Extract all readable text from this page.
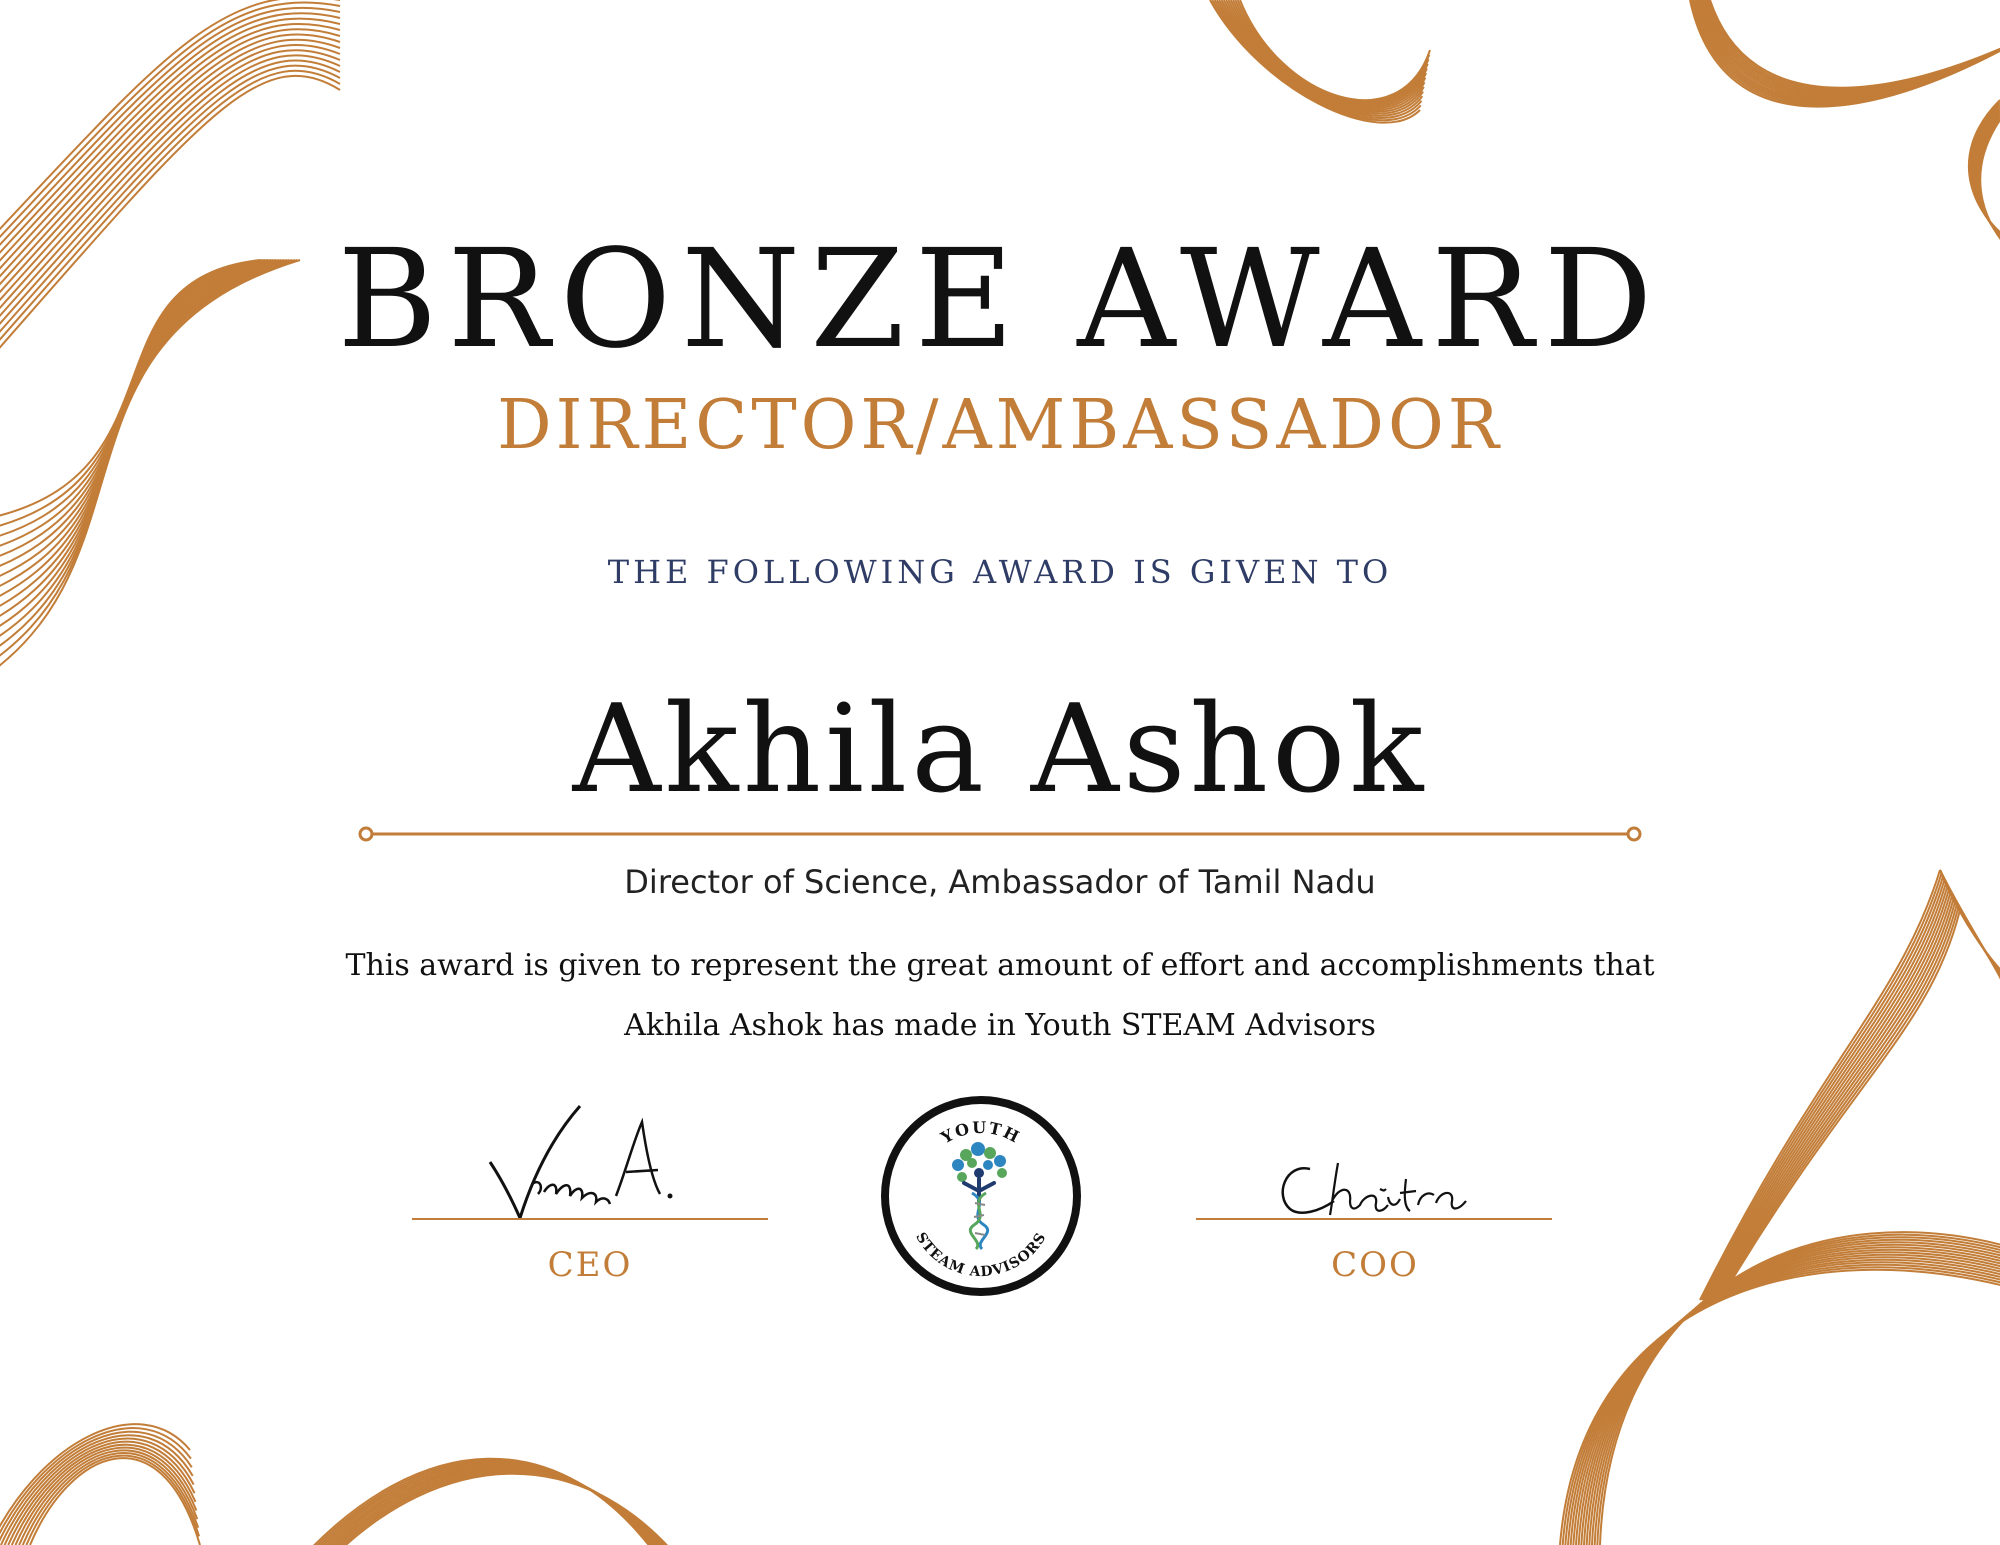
BRONZE AWARD
DIRECTOR/AMBASSADOR
THE FOLLOWING AWARD IS GIVEN TO
Akhila Ashok
Director of Science, Ambassador of Tamil Nadu
This award is given to represent the great amount of effort and accomplishments that Akhila Ashok has made in Youth STEAM Advisors
CEO	COO
YOUTH
STEAM ADVISORS
